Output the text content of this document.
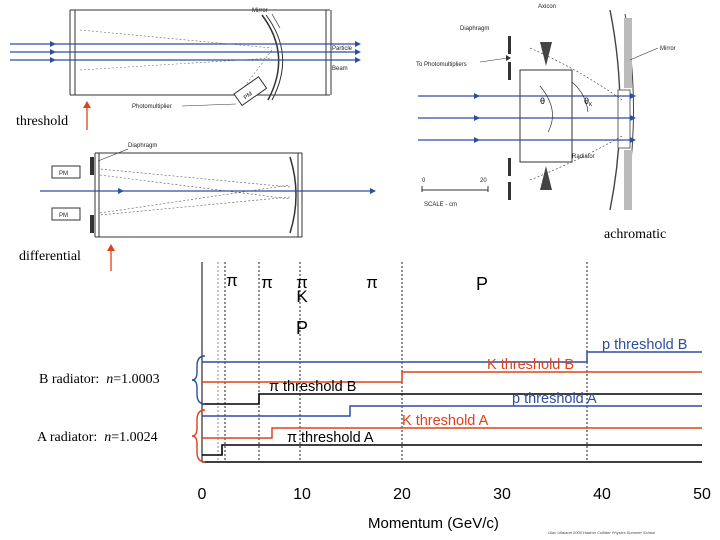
threshold
differential
achromatic
B radiator:  n=1.0003
A radiator:  n=1.0024
PM
Mirror
Particle
Beam
Photomultiplier
PM
PM
Diaphragm
Axicon
Diaphragm
To Photomultipliers
Mirror
θ	$\theta_K$
Radiator
0	20
SCALE - cm
0	10	20	30	40	50
π π π
K
P
π	P
p threshold B
K threshold B
π threshold B
p threshold A
K threshold A
π threshold A
Momentum (GeV/c)
Olav Ullaland 2005 Hadron Collider Physics Summer School
